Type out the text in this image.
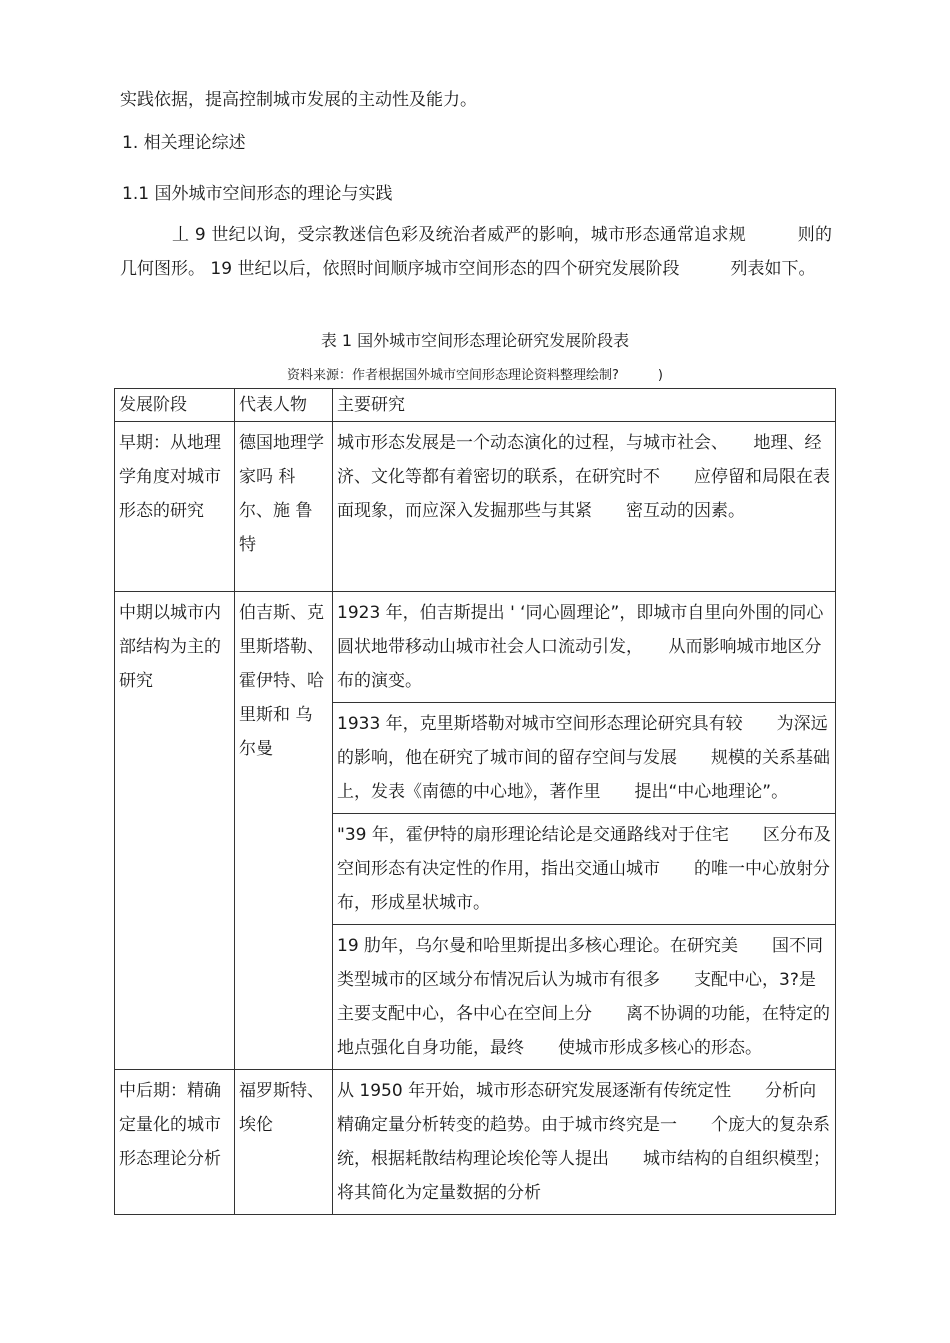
实践依据，提高控制城市发展的主动性及能力。
1. 相关理论综述
1.1 国外城市空间形态的理论与实践
丄 9 世纪以询，受宗教迷信色彩及统治者威严的影响，城市形态通常追求规　　　则的几何图形。 19 世纪以后，依照时间顺序城市空间形态的四个研究发展阶段　　　列表如下。
表 1 国外城市空间形态理论研究发展阶段表
资料来源：作者根据国外城市空间形态理论资料整理绘制?　　　)
发展阶段	代表人物	主要研究
早期：从地理学角度对城市形态的研究	德国地理学家吗 科尔、施 鲁特	城市形态发展是一个动态演化的过程，与城市社会、　　地理、经济、文化等都有着密切的联系，在研究时不　　应停留和局限在表面现象，而应深入发掘那些与其紧　　密互动的因素。
中期以城市内部结构为主的研究	伯吉斯、克里斯塔勒、 霍伊特、哈里斯和 乌尔曼	1923 年，伯吉斯提出 ' ‘同心圆理论”，即城市自里向外围的同心圆状地带移动山城市社会人口流动引发，　　从而影响城市地区分布的演变。
		1933 年，克里斯塔勒对城市空间形态理论研究具有较　　为深远的影响，他在研究了城市间的留存空间与发展　　规模的关系基础上，发表《南德的中心地》，著作里　　提出“中心地理论”。
		"39 年，霍伊特的扇形理论结论是交通路线对于住宅　　区分布及空间形态有决定性的作用，指出交通山城市　　的唯一中心放射分布，形成星状城市。
		19 肋年，乌尔曼和哈里斯提出多核心理论。在研究美　　国不同类型城市的区域分布情况后认为城市有很多　　支配中心，3?是主要支配中心，各中心在空间上分　　离不协调的功能，在特定的地点强化自身功能，最终　　使城市形成多核心的形态。
中后期：精确定量化的城市形态理论分析	福罗斯特、埃伦	从 1950 年开始，城市形态研究发展逐渐有传统定性　　分析向精确定量分析转变的趋势。由于城市终究是一　　个庞大的复杂系统，根据耗散结构理论埃伦等人提出　　城市结构的自组织模型；将其简化为定量数据的分析
